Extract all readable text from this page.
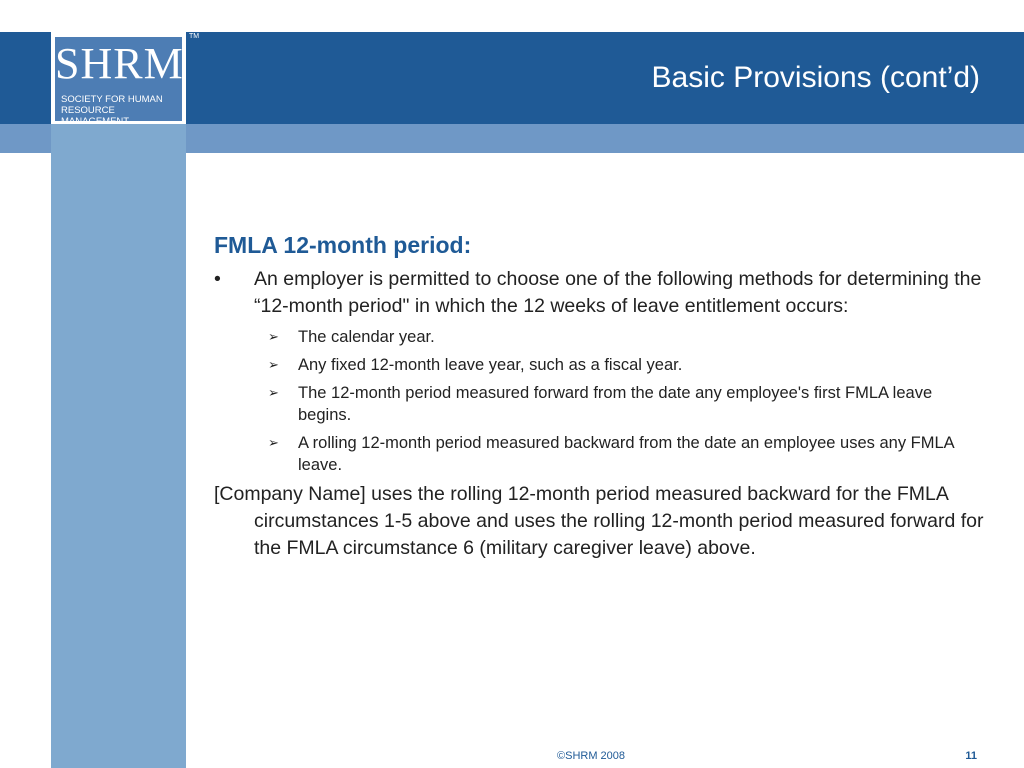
SHRM
SOCIETY FOR HUMAN RESOURCE MANAGEMENT
TM
Basic Provisions (cont’d)
FMLA 12-month period:
•	An employer is permitted to choose one of the following methods for determining the “12-month period" in which the 12 weeks of leave entitlement occurs:
➢ The calendar year.
➢ Any fixed 12-month leave year, such as a fiscal year.
➢ The 12-month period measured forward from the date any employee's first FMLA leave begins.
➢ A rolling 12-month period measured backward from the date an employee uses any FMLA leave.

[Company Name] uses the rolling 12-month period measured backward for the FMLA circumstances 1-5 above and uses the rolling 12-month period measured forward for the FMLA circumstance 6 (military caregiver leave) above.

©SHRM 2008	11
